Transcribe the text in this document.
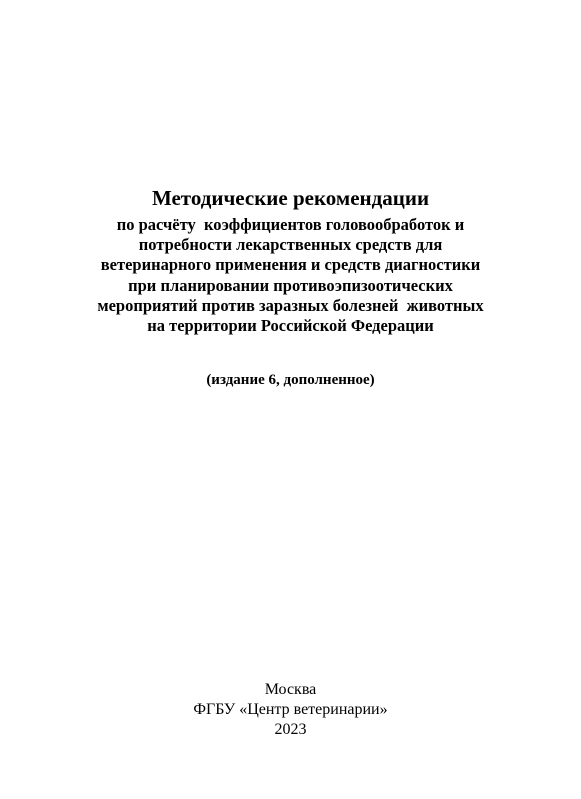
Методические рекомендации
по расчёту  коэффициентов головообработок и
потребности лекарственных средств для
ветеринарного применения и средств диагностики
при планировании противоэпизоотических
мероприятий против заразных болезней  животных
на территории Российской Федерации
(издание 6, дополненное)
Москва
ФГБУ «Центр ветеринарии»
2023
